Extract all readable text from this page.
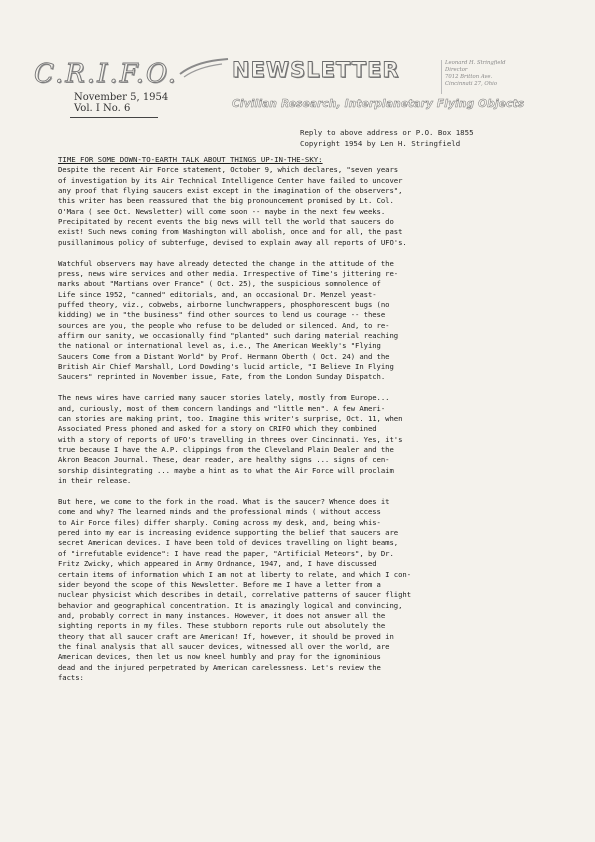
C.R.I.F.O.	NEWSLETTER	Leonard H. Stringfield
Director
7012 Britton Ave.
Cincinnati 27, Ohio
November 5, 1954
Vol. I No. 6	Civilian Research, Interplanetary Flying Objects
Reply to above address or P.O. Box 1855
Copyright 1954 by Len H. Stringfield
TIME FOR SOME DOWN-TO-EARTH TALK ABOUT THINGS UP-IN-THE-SKY:
Despite the recent Air Force statement, October 9, which declares, "seven years
of investigation by its Air Technical Intelligence Center have failed to uncover
any proof that flying saucers exist except in the imagination of the observers",
this writer has been reassured that the big pronouncement promised by Lt. Col.
O'Mara ( see Oct. Newsletter) will come soon -- maybe in the next few weeks.
Precipitated by recent events the big news will tell the world that saucers do
exist! Such news coming from Washington will abolish, once and for all, the past
pusillanimous policy of subterfuge, devised to explain away all reports of UFO's.
Watchful observers may have already detected the change in the attitude of the
press, news wire services and other media. Irrespective of Time's jittering re-
marks about "Martians over France" ( Oct. 25), the suspicious somnolence of
Life since 1952, "canned" editorials, and, an occasional Dr. Menzel yeast-
puffed theory, viz., cobwebs, airborne lunchwrappers, phosphorescent bugs (no
kidding) we in "the business" find other sources to lend us courage -- these
sources are you, the people who refuse to be deluded or silenced. And, to re-
affirm our sanity, we occasionally find "planted" such daring material reaching
the national or international level as, i.e., The American Weekly's "Flying
Saucers Come from a Distant World" by Prof. Hermann Oberth ( Oct. 24) and the
British Air Chief Marshall, Lord Dowding's lucid article, "I Believe In Flying
Saucers" reprinted in November issue, Fate, from the London Sunday Dispatch.
The news wires have carried many saucer stories lately, mostly from Europe...
and, curiously, most of them concern landings and "little men". A few Ameri-
can stories are making print, too. Imagine this writer's surprise, Oct. 11, when
Associated Press phoned and asked for a story on CRIFO which they combined
with a story of reports of UFO's travelling in threes over Cincinnati. Yes, it's
true because I have the A.P. clippings from the Cleveland Plain Dealer and the
Akron Beacon Journal. These, dear reader, are healthy signs ... signs of cen-
sorship disintegrating ... maybe a hint as to what the Air Force will proclaim
in their release.
But here, we come to the fork in the road. What is the saucer? Whence does it
come and why? The learned minds and the professional minds ( without access
to Air Force files) differ sharply. Coming across my desk, and, being whis-
pered into my ear is increasing evidence supporting the belief that saucers are
secret American devices. I have been told of devices travelling on light beams,
of "irrefutable evidence": I have read the paper, "Artificial Meteors", by Dr.
Fritz Zwicky, which appeared in Army Ordnance, 1947, and, I have discussed
certain items of information which I am not at liberty to relate, and which I con-
sider beyond the scope of this Newsletter. Before me I have a letter from a
nuclear physicist which describes in detail, correlative patterns of saucer flight
behavior and geographical concentration. It is amazingly logical and convincing,
and, probably correct in many instances. However, it does not answer all the
sighting reports in my files. These stubborn reports rule out absolutely the
theory that all saucer craft are American! If, however, it should be proved in
the final analysis that all saucer devices, witnessed all over the world, are
American devices, then let us now kneel humbly and pray for the ignominious
dead and the injured perpetrated by American carelessness. Let's review the
facts:
